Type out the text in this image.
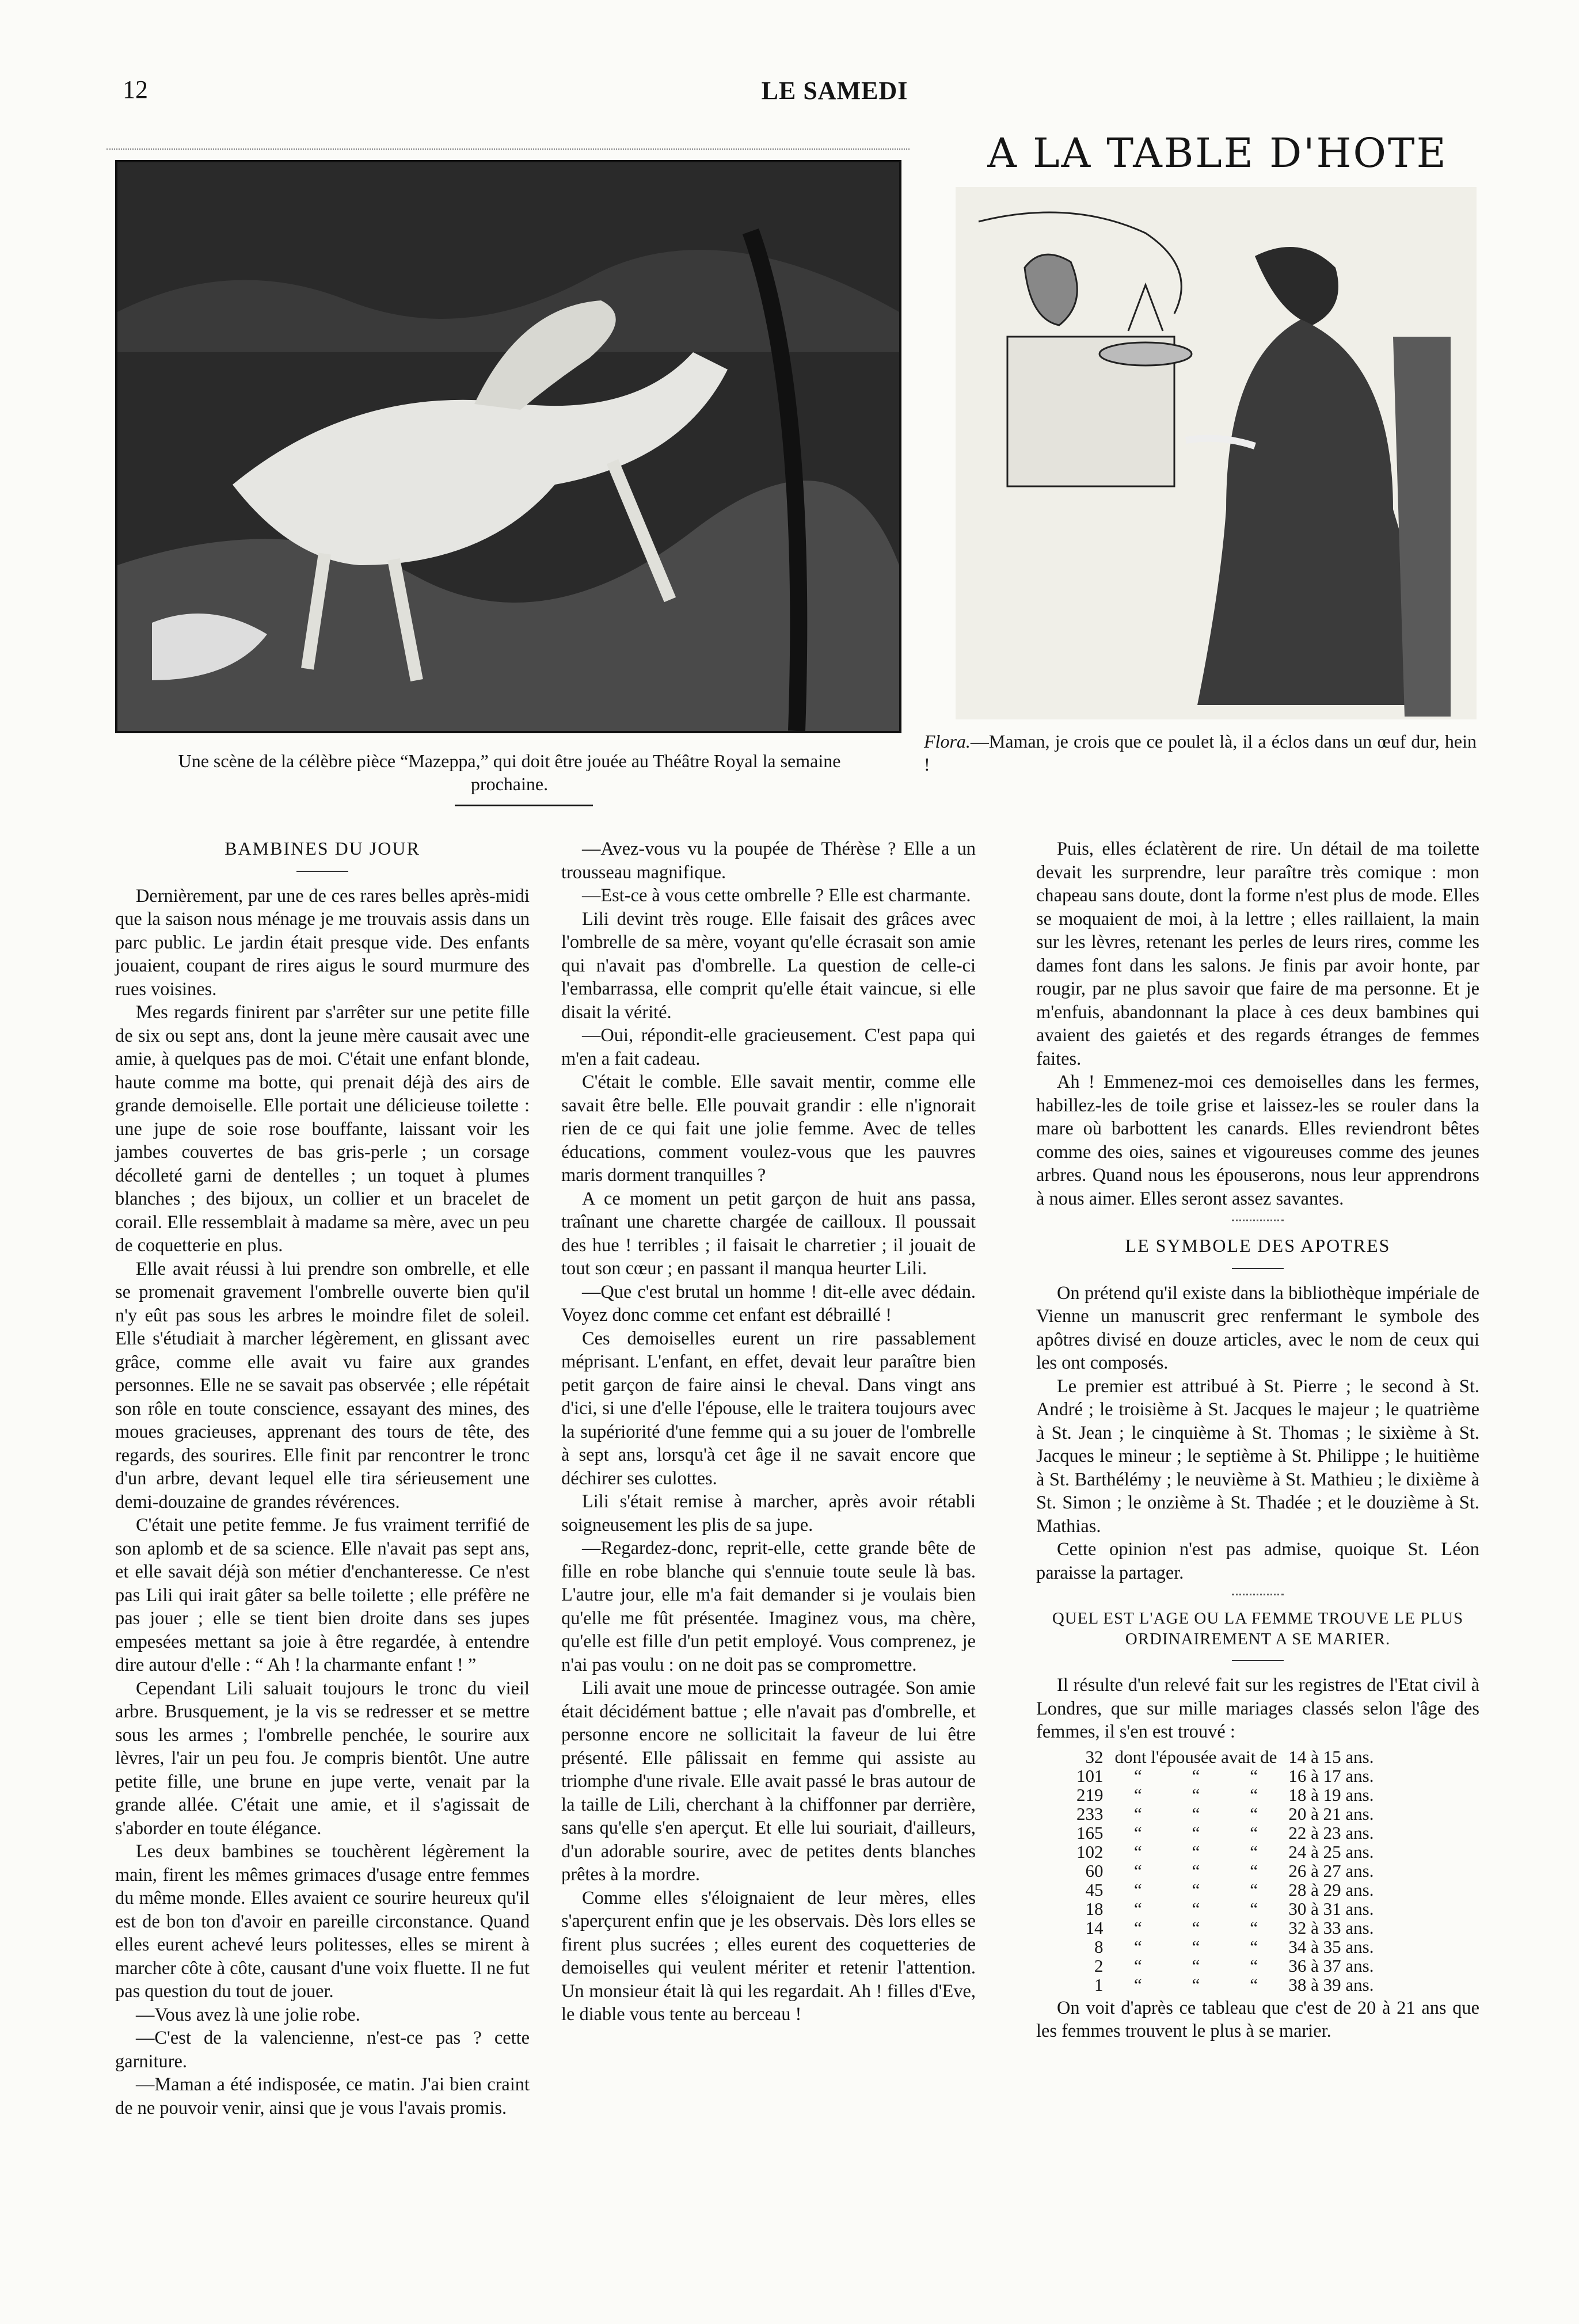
12	LE SAMEDI
A LA TABLE D'HOTE
Une scène de la célèbre pièce “Mazeppa,” qui doit être jouée au Théâtre Royal la semaine prochaine.
Flora.—Maman, je crois que ce poulet là, il a éclos dans un œuf dur, hein !
BAMBINES DU JOUR

Dernièrement, par une de ces rares belles après-midi que la saison nous ménage je me trouvais assis dans un parc public. Le jardin était presque vide. Des enfants jouaient, coupant de rires aigus le sourd murmure des rues voisines.

Mes regards finirent par s'arrêter sur une petite fille de six ou sept ans, dont la jeune mère causait avec une amie, à quelques pas de moi. C'était une enfant blonde, haute comme ma botte, qui prenait déjà des airs de grande demoiselle. Elle portait une délicieuse toilette : une jupe de soie rose bouffante, laissant voir les jambes couvertes de bas gris-perle ; un corsage décolleté garni de dentelles ; un toquet à plumes blanches ; des bijoux, un collier et un bracelet de corail. Elle ressemblait à madame sa mère, avec un peu de coquetterie en plus.

Elle avait réussi à lui prendre son ombrelle, et elle se promenait gravement l'ombrelle ouverte bien qu'il n'y eût pas sous les arbres le moindre filet de soleil. Elle s'étudiait à marcher légèrement, en glissant avec grâce, comme elle avait vu faire aux grandes personnes. Elle ne se savait pas observée ; elle répétait son rôle en toute conscience, essayant des mines, des moues gracieuses, apprenant des tours de tête, des regards, des sourires. Elle finit par rencontrer le tronc d'un arbre, devant lequel elle tira sérieusement une demi-douzaine de grandes révérences.

C'était une petite femme. Je fus vraiment terrifié de son aplomb et de sa science. Elle n'avait pas sept ans, et elle savait déjà son métier d'enchanteresse. Ce n'est pas Lili qui irait gâter sa belle toilette ; elle préfère ne pas jouer ; elle se tient bien droite dans ses jupes empesées mettant sa joie à être regardée, à entendre dire autour d'elle : “ Ah ! la charmante enfant ! ”

Cependant Lili saluait toujours le tronc du vieil arbre. Brusquement, je la vis se redresser et se mettre sous les armes ; l'ombrelle penchée, le sourire aux lèvres, l'air un peu fou. Je compris bientôt. Une autre petite fille, une brune en jupe verte, venait par la grande allée. C'était une amie, et il s'agissait de s'aborder en toute élégance.

Les deux bambines se touchèrent légèrement la main, firent les mêmes grimaces d'usage entre femmes du même monde. Elles avaient ce sourire heureux qu'il est de bon ton d'avoir en pareille circonstance. Quand elles eurent achevé leurs politesses, elles se mirent à marcher côte à côte, causant d'une voix fluette. Il ne fut pas question du tout de jouer.

—Vous avez là une jolie robe.

—C'est de la valencienne, n'est-ce pas ? cette garniture.

—Maman a été indisposée, ce matin. J'ai bien craint de ne pouvoir venir, ainsi que je vous l'avais promis.

—Avez-vous vu la poupée de Thérèse ? Elle a un trousseau magnifique.

—Est-ce à vous cette ombrelle ? Elle est charmante.

Lili devint très rouge. Elle faisait des grâces avec l'ombrelle de sa mère, voyant qu'elle écrasait son amie qui n'avait pas d'ombrelle. La question de celle-ci l'embarrassa, elle comprit qu'elle était vaincue, si elle disait la vérité.

—Oui, répondit-elle gracieusement. C'est papa qui m'en a fait cadeau.

C'était le comble. Elle savait mentir, comme elle savait être belle. Elle pouvait grandir : elle n'ignorait rien de ce qui fait une jolie femme. Avec de telles éducations, comment voulez-vous que les pauvres maris dorment tranquilles ?

A ce moment un petit garçon de huit ans passa, traînant une charette chargée de cailloux. Il poussait des hue ! terribles ; il faisait le charretier ; il jouait de tout son cœur ; en passant il manqua heurter Lili.

—Que c'est brutal un homme ! dit-elle avec dédain. Voyez donc comme cet enfant est débraillé !

Ces demoiselles eurent un rire passablement méprisant. L'enfant, en effet, devait leur paraître bien petit garçon de faire ainsi le cheval. Dans vingt ans d'ici, si une d'elle l'épouse, elle le traitera toujours avec la supériorité d'une femme qui a su jouer de l'ombrelle à sept ans, lorsqu'à cet âge il ne savait encore que déchirer ses culottes.

Lili s'était remise à marcher, après avoir rétabli soigneusement les plis de sa jupe.

—Regardez-donc, reprit-elle, cette grande bête de fille en robe blanche qui s'ennuie toute seule là bas. L'autre jour, elle m'a fait demander si je voulais bien qu'elle me fût présentée. Imaginez vous, ma chère, qu'elle est fille d'un petit employé. Vous comprenez, je n'ai pas voulu : on ne doit pas se compromettre.

Lili avait une moue de princesse outragée. Son amie était décidément battue ; elle n'avait pas d'ombrelle, et personne encore ne sollicitait la faveur de lui être présenté. Elle pâlissait en femme qui assiste au triomphe d'une rivale. Elle avait passé le bras autour de la taille de Lili, cherchant à la chiffonner par derrière, sans qu'elle s'en aperçut. Et elle lui souriait, d'ailleurs, d'un adorable sourire, avec de petites dents blanches prêtes à la mordre.

Comme elles s'éloignaient de leur mères, elles s'aperçurent enfin que je les observais. Dès lors elles se firent plus sucrées ; elles eurent des coquetteries de demoiselles qui veulent mériter et retenir l'attention. Un monsieur était là qui les regardait. Ah ! filles d'Eve, le diable vous tente au berceau !

Puis, elles éclatèrent de rire. Un détail de ma toilette devait les surprendre, leur paraître très comique : mon chapeau sans doute, dont la forme n'est plus de mode. Elles se moquaient de moi, à la lettre ; elles raillaient, la main sur les lèvres, retenant les perles de leurs rires, comme les dames font dans les salons. Je finis par avoir honte, par rougir, par ne plus savoir que faire de ma personne. Et je m'enfuis, abandonnant la place à ces deux bambines qui avaient des gaietés et des regards étranges de femmes faites.

Ah ! Emmenez-moi ces demoiselles dans les fermes, habillez-les de toile grise et laissez-les se rouler dans la mare où barbottent les canards. Elles reviendront bêtes comme des oies, saines et vigoureuses comme des jeunes arbres. Quand nous les épouserons, nous leur apprendrons à nous aimer. Elles seront assez savantes.

LE SYMBOLE DES APOTRES

On prétend qu'il existe dans la bibliothèque impériale de Vienne un manuscrit grec renfermant le symbole des apôtres divisé en douze articles, avec le nom de ceux qui les ont composés.

Le premier est attribué à St. Pierre ; le second à St. André ; le troisième à St. Jacques le majeur ; le quatrième à St. Jean ; le cinquième à St. Thomas ; le sixième à St. Jacques le mineur ; le septième à St. Philippe ; le huitième à St. Barthélémy ; le neuvième à St. Mathieu ; le dixième à St. Simon ; le onzième à St. Thadée ; et le douzième à St. Mathias.

Cette opinion n'est pas admise, quoique St. Léon paraisse la partager.

QUEL EST L'AGE OU LA FEMME TROUVE LE PLUS ORDINAIREMENT A SE MARIER.

Il résulte d'un relevé fait sur les registres de l'Etat civil à Londres, que sur mille mariages classés selon l'âge des femmes, il s'en est trouvé :

32	dont l'épousée avait de			14 à 15 ans.
101	“	“	“	16 à 17 ans.
219	“	“	“	18 à 19 ans.
233	“	“	“	20 à 21 ans.
165	“	“	“	22 à 23 ans.
102	“	“	“	24 à 25 ans.
60	“	“	“	26 à 27 ans.
45	“	“	“	28 à 29 ans.
18	“	“	“	30 à 31 ans.
14	“	“	“	32 à 33 ans.
8	“	“	“	34 à 35 ans.
2	“	“	“	36 à 37 ans.
1	“	“	“	38 à 39 ans.

On voit d'après ce tableau que c'est de 20 à 21 ans que les femmes trouvent le plus à se marier.
